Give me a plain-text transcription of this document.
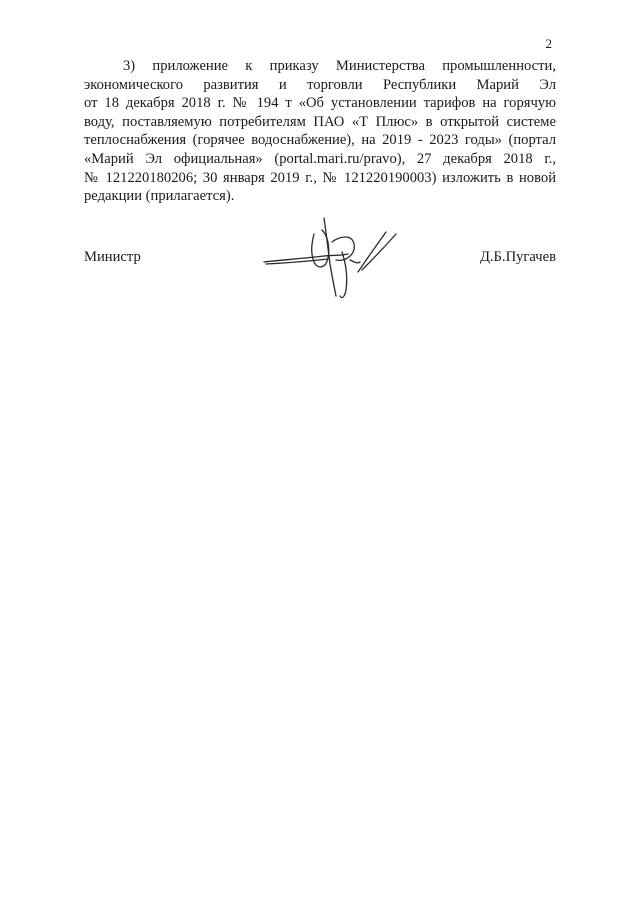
2
3) приложение к приказу Министерства промышленности,
экономического развития и торговли Республики Марий Эл
от 18 декабря 2018 г. № 194 т «Об установлении тарифов на горячую
воду, поставляемую потребителям ПАО «Т Плюс» в открытой системе
теплоснабжения (горячее водоснабжение), на 2019 - 2023 годы» (портал
«Марий Эл официальная» (portal.mari.ru/pravo), 27 декабря 2018 г.,
№ 121220180206; 30 января 2019 г., № 121220190003) изложить в новой
редакции (прилагается).
Министр	Д.Б.Пугачев
